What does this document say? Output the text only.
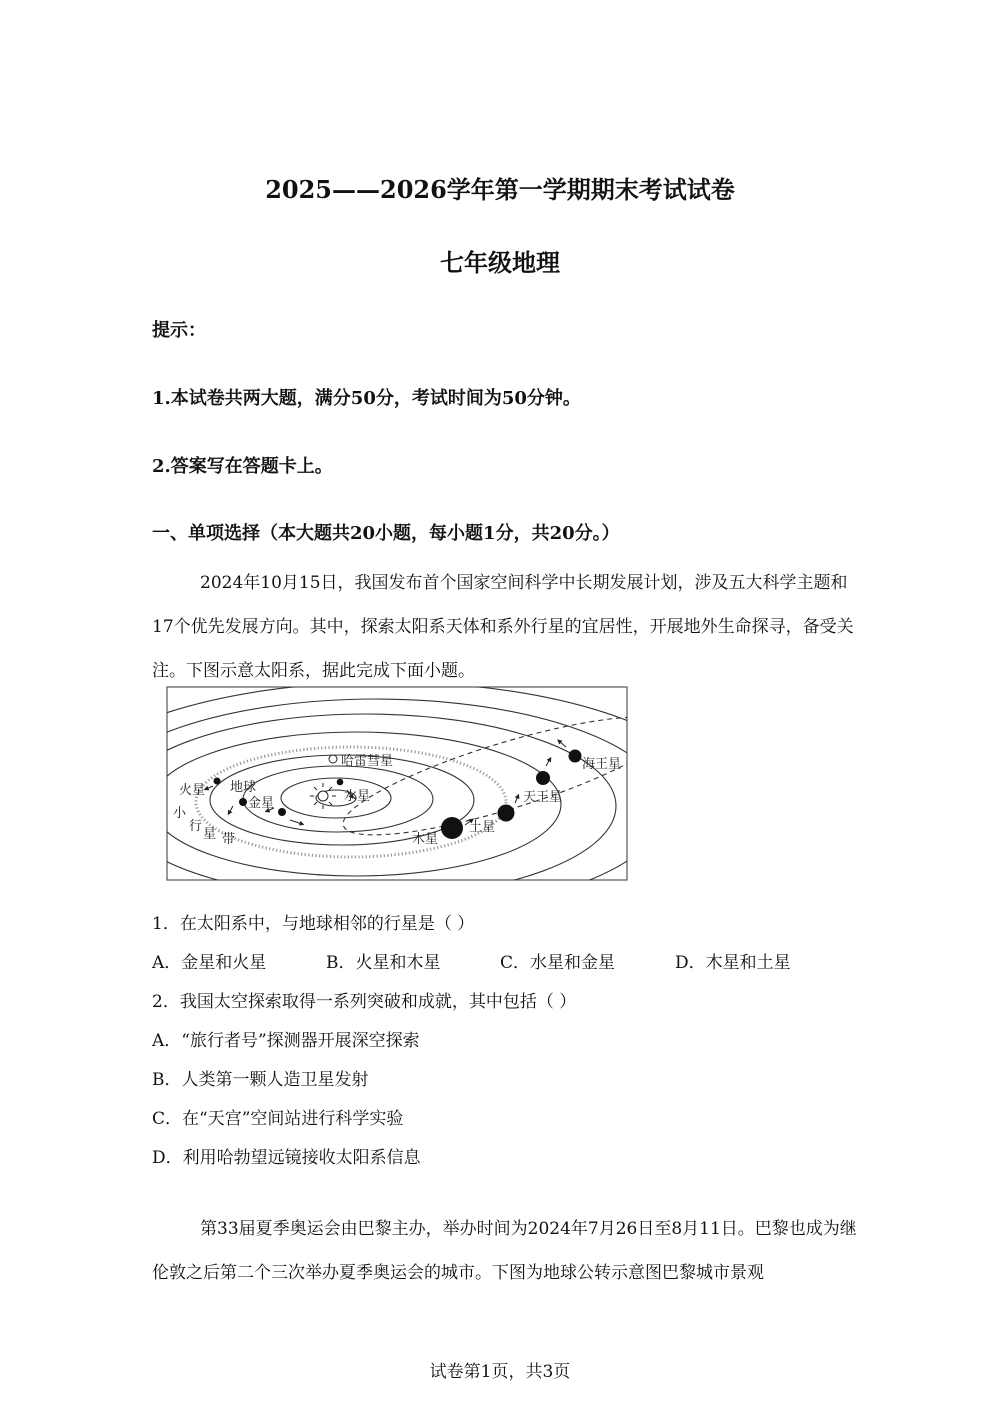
2025——2026学年第一学期期末考试试卷
七年级地理
提示：
1.本试卷共两大题，满分50分，考试时间为50分钟。
2.答案写在答题卡上。
一、单项选择（本大题共20小题，每小题1分，共20分。）
2024年10月15日，我国发布首个国家空间科学中长期发展计划，涉及五大科学主题和17个优先发展方向。其中，探索太阳系天体和系外行星的宜居性，开展地外生命探寻，备受关注。下图示意太阳系，据此完成下面小题。
哈雷彗星
火星 地球
金星	水星
小
行
星 带	木星
土星
天王星
海王星
1．在太阳系中，与地球相邻的行星是（ ）
A．金星和火星	B．火星和木星	C．水星和金星	D．木星和土星
2．我国太空探索取得一系列突破和成就，其中包括（ ）
A．“旅行者号”探测器开展深空探索
B．人类第一颗人造卫星发射
C．在“天宫”空间站进行科学实验
D．利用哈勃望远镜接收太阳系信息
第33届夏季奥运会由巴黎主办，举办时间为2024年7月26日至8月11日。巴黎也成为继伦敦之后第二个三次举办夏季奥运会的城市。下图为地球公转示意图巴黎城市景观
试卷第1页，共3页
